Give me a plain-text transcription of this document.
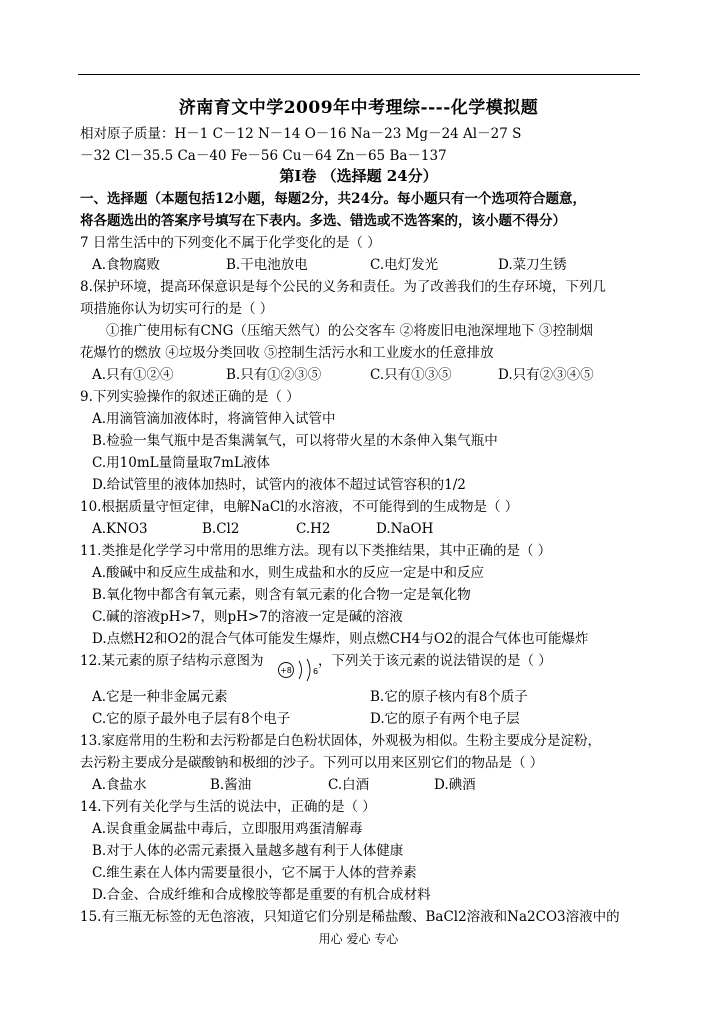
济南育文中学2009年中考理综----化学模拟题
相对原子质量：H－1 C－12 N－14 O－16 Na－23 Mg－24 Al－27 S
－32 Cl－35.5 Ca－40 Fe－56 Cu－64 Zn－65 Ba－137
第Ⅰ卷 （选择题 24分）
一、选择题（本题包括12小题，每题2分，共24分。每小题只有一个选项符合题意，
将各题选出的答案序号填写在下表内。多选、错选或不选答案的，该小题不得分）
7 日常生活中的下列变化不属于化学变化的是（ ）
A.食物腐败	B.干电池放电	C.电灯发光	D.菜刀生锈
8.保护环境，提高环保意识是每个公民的义务和责任。为了改善我们的生存环境，下列几
项措施你认为切实可行的是（ ）
①推广使用标有CNG（压缩天然气）的公交客车 ②将废旧电池深埋地下 ③控制烟
花爆竹的燃放 ④垃圾分类回收 ⑤控制生活污水和工业废水的任意排放
A.只有①②④	B.只有①②③⑤	C.只有①③⑤	D.只有②③④⑤
9.下列实验操作的叙述正确的是（ ）
A.用滴管滴加液体时，将滴管伸入试管中
B.检验一集气瓶中是否集满氧气，可以将带火星的木条伸入集气瓶中
C.用10mL量筒量取7mL液体
D.给试管里的液体加热时，试管内的液体不超过试管容积的1/2
10.根据质量守恒定律，电解NaCl的水溶液，不可能得到的生成物是（ ）
A.KNO3	B.Cl2	C.H2	D.NaOH
11.类推是化学学习中常用的思维方法。现有以下类推结果，其中正确的是（ ）
A.酸碱中和反应生成盐和水，则生成盐和水的反应一定是中和反应
B.氧化物中都含有氧元素，则含有氧元素的化合物一定是氧化物
C.碱的溶液pH>7，则pH>7的溶液一定是碱的溶液
D.点燃H2和O2的混合气体可能发生爆炸，则点燃CH4与O2的混合气体也可能爆炸
12.某元素的原子结构示意图为
+8	6
，下列关于该元素的说法错误的是（ ）
A.它是一种非金属元素	B.它的原子核内有8个质子
C.它的原子最外电子层有8个电子	D.它的原子有两个电子层
13.家庭常用的生粉和去污粉都是白色粉状固体，外观极为相似。生粉主要成分是淀粉，
去污粉主要成分是碳酸钠和极细的沙子。下列可以用来区别它们的物品是（ ）
A.食盐水	B.酱油	C.白酒	D.碘酒
14.下列有关化学与生活的说法中，正确的是（ ）
A.误食重金属盐中毒后，立即服用鸡蛋清解毒
B.对于人体的必需元素摄入量越多越有利于人体健康
C.维生素在人体内需要量很小，它不属于人体的营养素
D.合金、合成纤维和合成橡胶等都是重要的有机合成材料
15.有三瓶无标签的无色溶液，只知道它们分别是稀盐酸、BaCl2溶液和Na2CO3溶液中的
用心 爱心 专心
